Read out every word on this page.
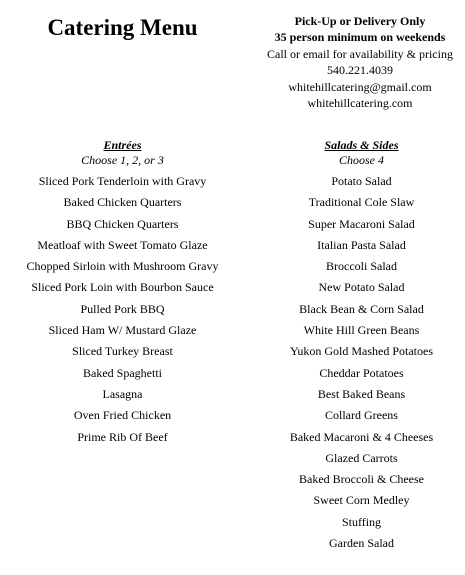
Catering Menu	Pick-Up or Delivery Only
35 person minimum on weekends
Call or email for availability & pricing
540.221.4039
whitehillcatering@gmail.com
whitehillcatering.com
Entrées
Choose 1, 2, or 3
Sliced Pork Tenderloin with Gravy
Baked Chicken Quarters
BBQ Chicken Quarters
Meatloaf with Sweet Tomato Glaze
Chopped Sirloin with Mushroom Gravy
Sliced Pork Loin with Bourbon Sauce
Pulled Pork BBQ
Sliced Ham W/ Mustard Glaze
Sliced Turkey Breast
Baked Spaghetti
Lasagna
Oven Fried Chicken
Prime Rib Of Beef
Salads & Sides
Choose 4
Potato Salad
Traditional Cole Slaw
Super Macaroni Salad
Italian Pasta Salad
Broccoli Salad
New Potato Salad
Black Bean & Corn Salad
White Hill Green Beans
Yukon Gold Mashed Potatoes
Cheddar Potatoes
Best Baked Beans
Collard Greens
Baked Macaroni & 4 Cheeses
Glazed Carrots
Baked Broccoli & Cheese
Sweet Corn Medley
Stuffing
Garden Salad
